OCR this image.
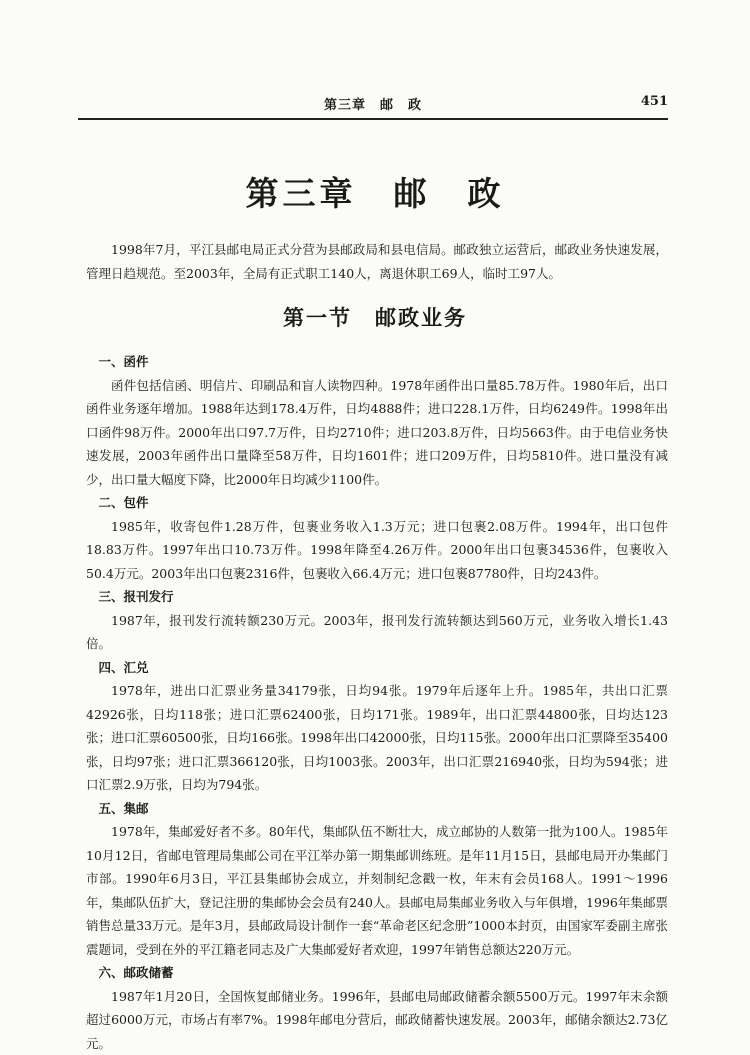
第三章　邮　政	451
第三章　邮　政

1998年7月，平江县邮电局正式分营为县邮政局和县电信局。邮政独立运营后，邮政业务快速发展，管理日趋规范。至2003年，全局有正式职工140人，离退休职工69人，临时工97人。

第一节　邮政业务
一、函件

函件包括信函、明信片、印刷品和盲人读物四种。1978年函件出口量85.78万件。1980年后，出口函件业务逐年增加。1988年达到178.4万件，日均4888件；进口228.1万件，日均6249件。1998年出口函件98万件。2000年出口97.7万件，日均2710件；进口203.8万件，日均5663件。由于电信业务快速发展，2003年函件出口量降至58万件，日均1601件；进口209万件，日均5810件。进口量没有减少，出口量大幅度下降，比2000年日均减少1100件。

二、包件

1985年，收寄包件1.28万件，包裹业务收入1.3万元；进口包裹2.08万件。1994年，出口包件18.83万件。1997年出口10.73万件。1998年降至4.26万件。2000年出口包裹34536件，包裹收入50.4万元。2003年出口包裹2316件，包裹收入66.4万元；进口包裹87780件，日均243件。

三、报刊发行

1987年，报刊发行流转额230万元。2003年，报刊发行流转额达到560万元，业务收入增长1.43倍。

四、汇兑

1978年，进出口汇票业务量34179张，日均94张。1979年后逐年上升。1985年，共出口汇票42926张，日均118张；进口汇票62400张，日均171张。1989年，出口汇票44800张，日均达123张；进口汇票60500张，日均166张。1998年出口42000张，日均115张。2000年出口汇票降至35400张，日均97张；进口汇票366120张，日均1003张。2003年，出口汇票216940张，日均为594张；进口汇票2.9万张，日均为794张。

五、集邮

1978年，集邮爱好者不多。80年代，集邮队伍不断壮大，成立邮协的人数第一批为100人。1985年10月12日，省邮电管理局集邮公司在平江举办第一期集邮训练班。是年11月15日，县邮电局开办集邮门市部。1990年6月3日，平江县集邮协会成立，并刻制纪念戳一枚，年末有会员168人。1991～1996年，集邮队伍扩大，登记注册的集邮协会会员有240人。县邮电局集邮业务收入与年俱增，1996年集邮票销售总量33万元。是年3月，县邮政局设计制作一套“革命老区纪念册”1000本封页，由国家军委副主席张震题词，受到在外的平江籍老同志及广大集邮爱好者欢迎，1997年销售总额达220万元。

六、邮政储蓄

1987年1月20日，全国恢复邮储业务。1996年，县邮电局邮政储蓄余额5500万元。1997年末余额超过6000万元，市场占有率7%。1998年邮电分营后，邮政储蓄快速发展。2003年，邮储余额达2.73亿元。
